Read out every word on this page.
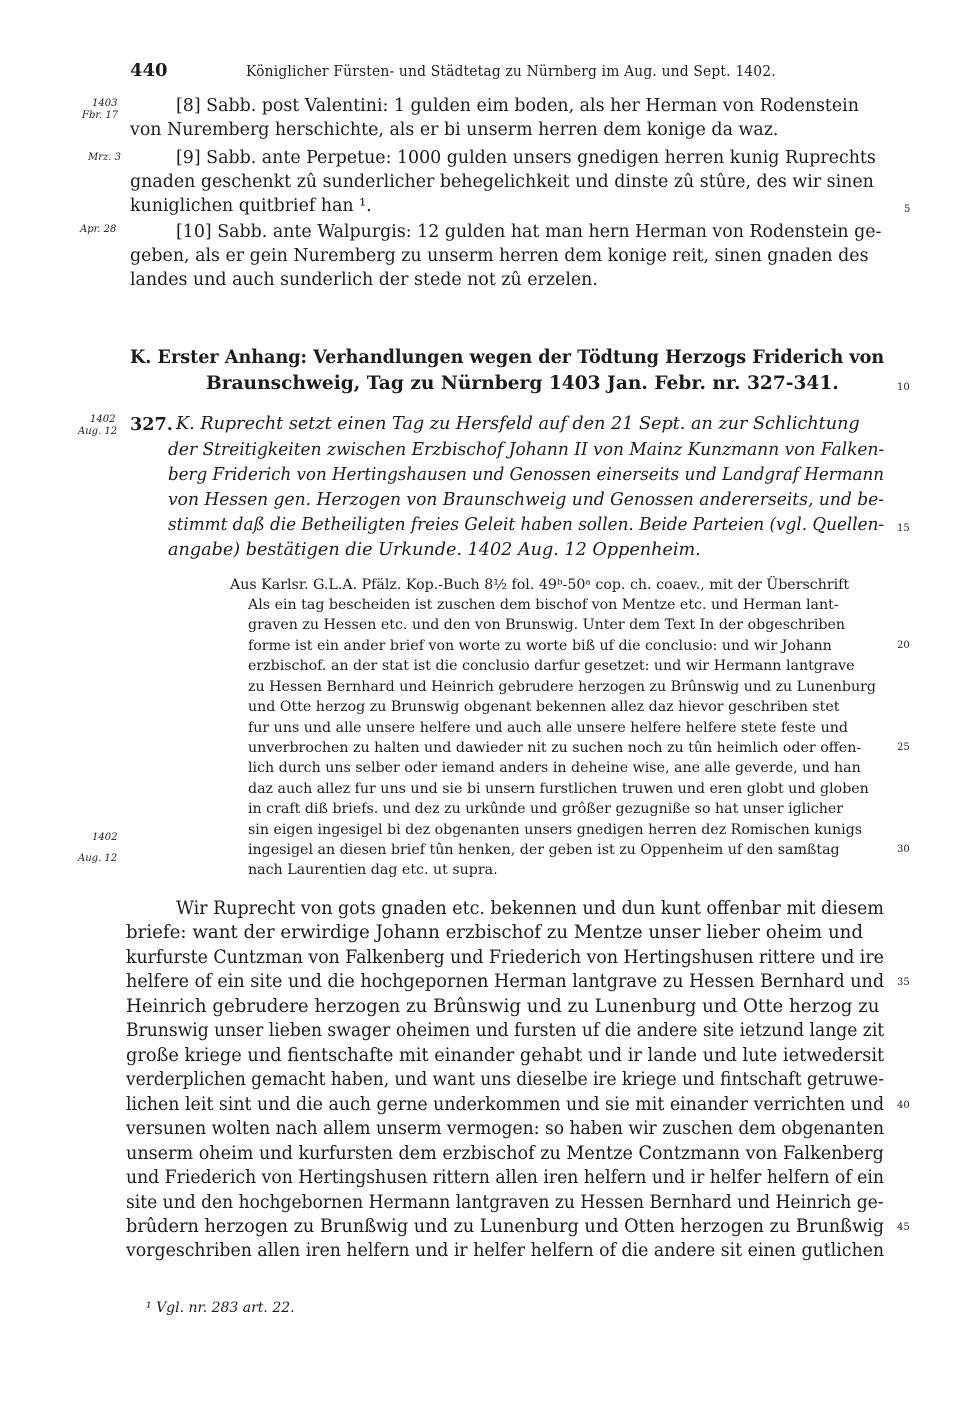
440	Königlicher Fürsten- und Städtetag zu Nürnberg im Aug. und Sept. 1402.
1403
Fbr. 17
Mrz. 3
Apr. 28
1402
Aug. 12
1402
Aug. 12
5
10
15
20
25
30
35
40
45
[8] Sabb. post Valentini: 1 gulden eim boden, als her Herman von Rodenstein
von Nuremberg herschichte, als er bi unserm herren dem konige da waz.
[9] Sabb. ante Perpetue: 1000 gulden unsers gnedigen herren kunig Ruprechts
gnaden geschenkt zû sunderlicher behegelichkeit und dinste zû stûre, des wir sinen
kuniglichen quitbrief han ¹.
[10] Sabb. ante Walpurgis: 12 gulden hat man hern Herman von Rodenstein ge-
geben, als er gein Nuremberg zu unserm herren dem konige reit, sinen gnaden des
landes und auch sunderlich der stede not zû erzelen.
K. Erster Anhang: Verhandlungen wegen der Tödtung Herzogs Friderich von
Braunschweig, Tag zu Nürnberg 1403 Jan. Febr. nr. 327-341.
327. K. Ruprecht setzt einen Tag zu Hersfeld auf den 21 Sept. an zur Schlichtung
der Streitigkeiten zwischen Erzbischof Johann II von Mainz Kunzmann von Falken-
berg Friderich von Hertingshausen und Genossen einerseits und Landgraf Hermann
von Hessen gen. Herzogen von Braunschweig und Genossen andererseits, und be-
stimmt daß die Betheiligten freies Geleit haben sollen. Beide Parteien (vgl. Quellen-
angabe) bestätigen die Urkunde. 1402 Aug. 12 Oppenheim.
Aus Karlsr. G.L.A. Pfälz. Kop.-Buch 8½ fol. 49ᵇ-50ᵃ cop. ch. coaev., mit der Überschrift
Als ein tag bescheiden ist zuschen dem bischof von Mentze etc. und Herman lant-
graven zu Hessen etc. und den von Brunswig. Unter dem Text In der obgeschriben
forme ist ein ander brief von worte zu worte biß uf die conclusio: und wir Johann
erzbischof. an der stat ist die conclusio darfur gesetzet: und wir Hermann lantgrave
zu Hessen Bernhard und Heinrich gebrudere herzogen zu Brûnswig und zu Lunenburg
und Otte herzog zu Brunswig obgenant bekennen allez daz hievor geschriben stet
fur uns und alle unsere helfere und auch alle unsere helfere helfere stete feste und
unverbrochen zu halten und dawieder nit zu suchen noch zu tûn heimlich oder offen-
lich durch uns selber oder iemand anders in deheine wise, ane alle geverde, und han
daz auch allez fur uns und sie bi unsern furstlichen truwen und eren globt und globen
in craft diß briefs. und dez zu urkûnde und grôßer gezugniße so hat unser iglicher
sin eigen ingesigel bi dez obgenanten unsers gnedigen herren dez Romischen kunigs
ingesigel an diesen brief tûn henken, der geben ist zu Oppenheim uf den samßtag
nach Laurentien dag etc. ut supra.
Wir Ruprecht von gots gnaden etc. bekennen und dun kunt offenbar mit diesem
briefe: want der erwirdige Johann erzbischof zu Mentze unser lieber oheim und
kurfurste Cuntzman von Falkenberg und Friederich von Hertingshusen rittere und ire
helfere of ein site und die hochgepornen Herman lantgrave zu Hessen Bernhard und
Heinrich gebrudere herzogen zu Brûnswig und zu Lunenburg und Otte herzog zu
Brunswig unser lieben swager oheimen und fursten uf die andere site ietzund lange zit
große kriege und fientschafte mit einander gehabt und ir lande und lute ietwedersit
verderplichen gemacht haben, und want uns dieselbe ire kriege und fintschaft getruwe-
lichen leit sint und die auch gerne underkommen und sie mit einander verrichten und
versunen wolten nach allem unserm vermogen: so haben wir zuschen dem obgenanten
unserm oheim und kurfursten dem erzbischof zu Mentze Contzmann von Falkenberg
und Friederich von Hertingshusen rittern allen iren helfern und ir helfer helfern of ein
site und den hochgebornen Hermann lantgraven zu Hessen Bernhard und Heinrich ge-
brûdern herzogen zu Brunßwig und zu Lunenburg und Otten herzogen zu Brunßwig
vorgeschriben allen iren helfern und ir helfer helfern of die andere sit einen gutlichen
¹ Vgl. nr. 283 art. 22.
